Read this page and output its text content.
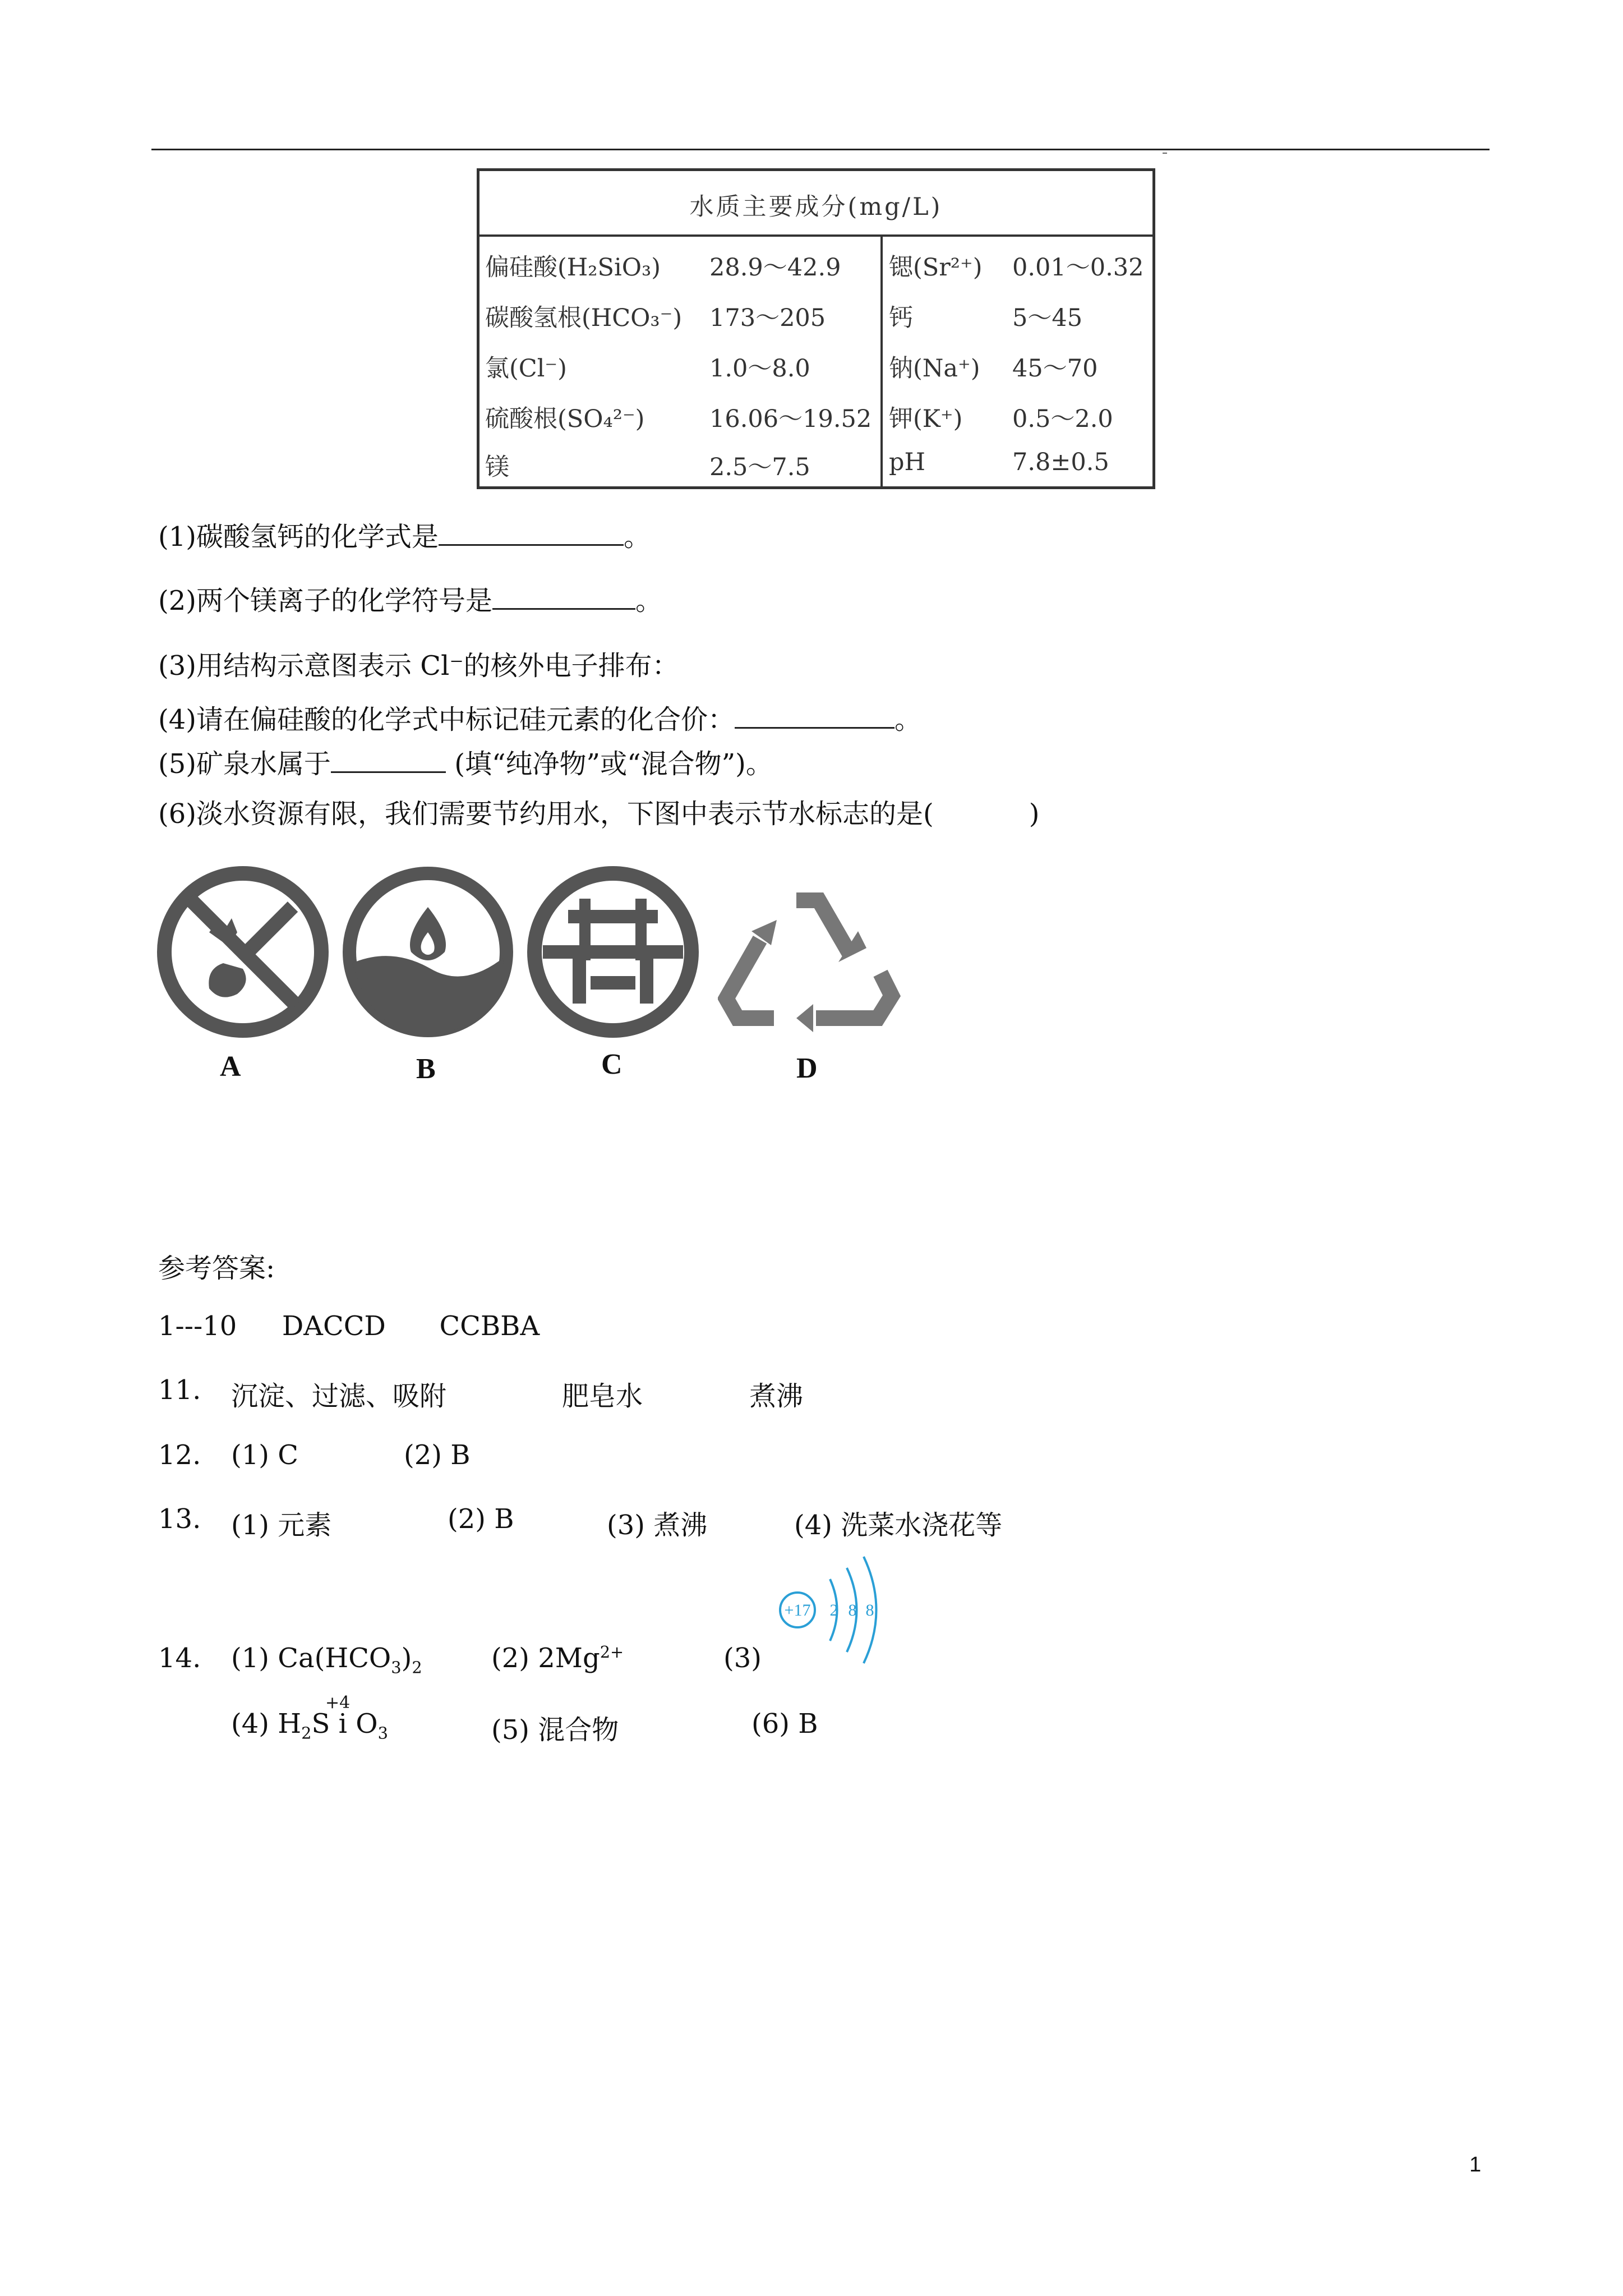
水质主要成分(mg/L)
偏硅酸(H₂SiO₃) 28.9～42.9 锶(Sr²⁺) 0.01～0.32
碳酸氢根(HCO₃⁻) 173～205	钙	5～45
氯(Cl⁻)	1.0～8.0	钠(Na⁺) 45～70
硫酸根(SO₄²⁻)	16.06～19.52 钾(K⁺) 0.5～2.0
镁	2.5～7.5	pH	7.8±0.5
(1)碳酸氢钙的化学式是	。
(2)两个镁离子的化学符号是	。
(3)用结构示意图表示 Cl⁻的核外电子排布：
(4)请在偏硅酸的化学式中标记硅元素的化合价：	。
(5)矿泉水属于	(填“纯净物”或“混合物”)。
(6)淡水资源有限，我们需要节约用水，下图中表示节水标志的是(	)
A	B	C	D
参考答案:
1---10 DACCD CCBBA
11. 沉淀、过滤、吸附	肥皂水	煮沸
12. (1) C	(2) B
13. (1) 元素	(2) B	(3) 煮沸	(4) 洗菜水浇花等
14. (1) $Ca(HCO_3)_2$	(2) $2Mg^{2+}$	(3)
+17 2 8 8
(4) $H_2S$ i $O_3$
+4
(5) 混合物	(6) B
1
